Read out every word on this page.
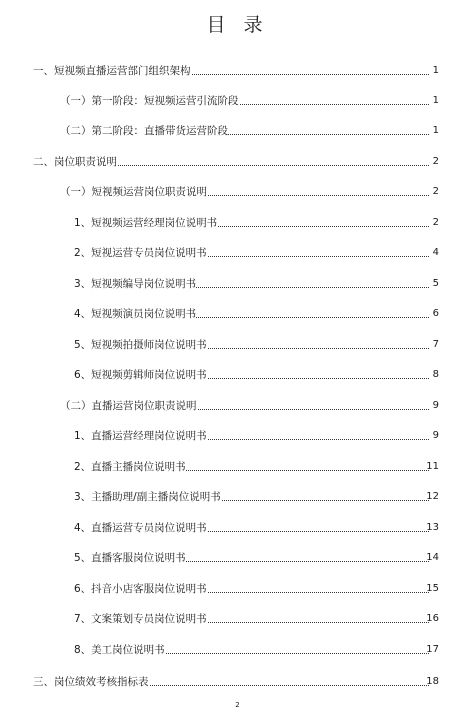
目 录
一、短视频直播运营部门组织架构	1
（一）第一阶段：短视频运营引流阶段	1
（二）第二阶段：直播带货运营阶段	1
二、岗位职责说明	2
（一）短视频运营岗位职责说明	2
1、短视频运营经理岗位说明书	2
2、短视运营专员岗位说明书	4
3、短视频编导岗位说明书	5
4、短视频演员岗位说明书	6
5、短视频拍摄师岗位说明书	7
6、短视频剪辑师岗位说明书	8
（二）直播运营岗位职责说明	9
1、直播运营经理岗位说明书	9
2、直播主播岗位说明书	11
3、主播助理/副主播岗位说明书	12
4、直播运营专员岗位说明书	13
5、直播客服岗位说明书	14
6、抖音小店客服岗位说明书	15
7、文案策划专员岗位说明书	16
8、美工岗位说明书	17
三、岗位绩效考核指标表	18
2
